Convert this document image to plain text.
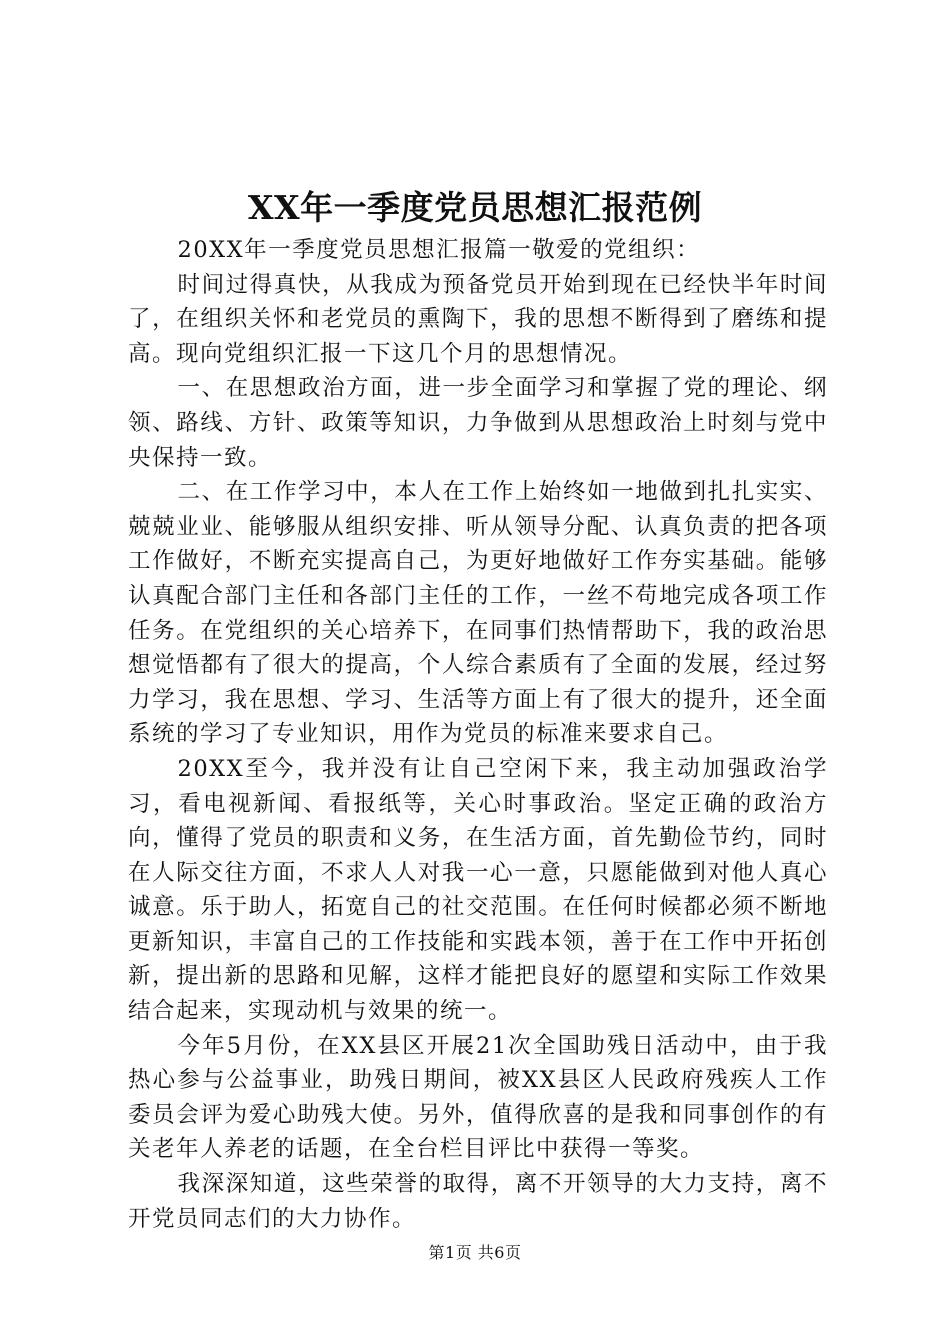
XX年一季度党员思想汇报范例

20XX年一季度党员思想汇报篇一敬爱的党组织：

时间过得真快，从我成为预备党员开始到现在已经快半年时间了，在组织关怀和老党员的熏陶下，我的思想不断得到了磨练和提高。现向党组织汇报一下这几个月的思想情况。

一、在思想政治方面，进一步全面学习和掌握了党的理论、纲领、路线、方针、政策等知识，力争做到从思想政治上时刻与党中央保持一致。

二、在工作学习中，本人在工作上始终如一地做到扎扎实实、兢兢业业、能够服从组织安排、听从领导分配、认真负责的把各项工作做好，不断充实提高自己，为更好地做好工作夯实基础。能够认真配合部门主任和各部门主任的工作，一丝不苟地完成各项工作任务。在党组织的关心培养下，在同事们热情帮助下，我的政治思想觉悟都有了很大的提高，个人综合素质有了全面的发展，经过努力学习，我在思想、学习、生活等方面上有了很大的提升，还全面系统的学习了专业知识，用作为党员的标准来要求自己。

20XX至今，我并没有让自己空闲下来，我主动加强政治学习，看电视新闻、看报纸等，关心时事政治。坚定正确的政治方向，懂得了党员的职责和义务，在生活方面，首先勤俭节约，同时在人际交往方面，不求人人对我一心一意，只愿能做到对他人真心诚意。乐于助人，拓宽自己的社交范围。在任何时候都必须不断地更新知识，丰富自己的工作技能和实践本领，善于在工作中开拓创新，提出新的思路和见解，这样才能把良好的愿望和实际工作效果结合起来，实现动机与效果的统一。

今年5月份，在XX县区开展21次全国助残日活动中，由于我热心参与公益事业，助残日期间，被XX县区人民政府残疾人工作委员会评为爱心助残大使。另外，值得欣喜的是我和同事创作的有关老年人养老的话题，在全台栏目评比中获得一等奖。

我深深知道，这些荣誉的取得，离不开领导的大力支持，离不开党员同志们的大力协作。

第1页 共6页
